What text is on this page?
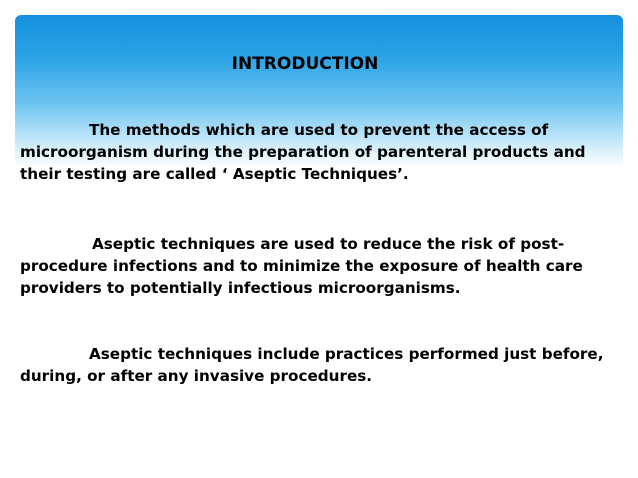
INTRODUCTION

The methods which are used to prevent the access of microorganism during the preparation of parenteral products and their testing are called ‘ Aseptic Techniques’.

Aseptic techniques are used to reduce the risk of post-procedure infections and to minimize the exposure of health care providers to potentially infectious microorganisms.

Aseptic techniques include practices performed just before, during, or after any invasive procedures.
